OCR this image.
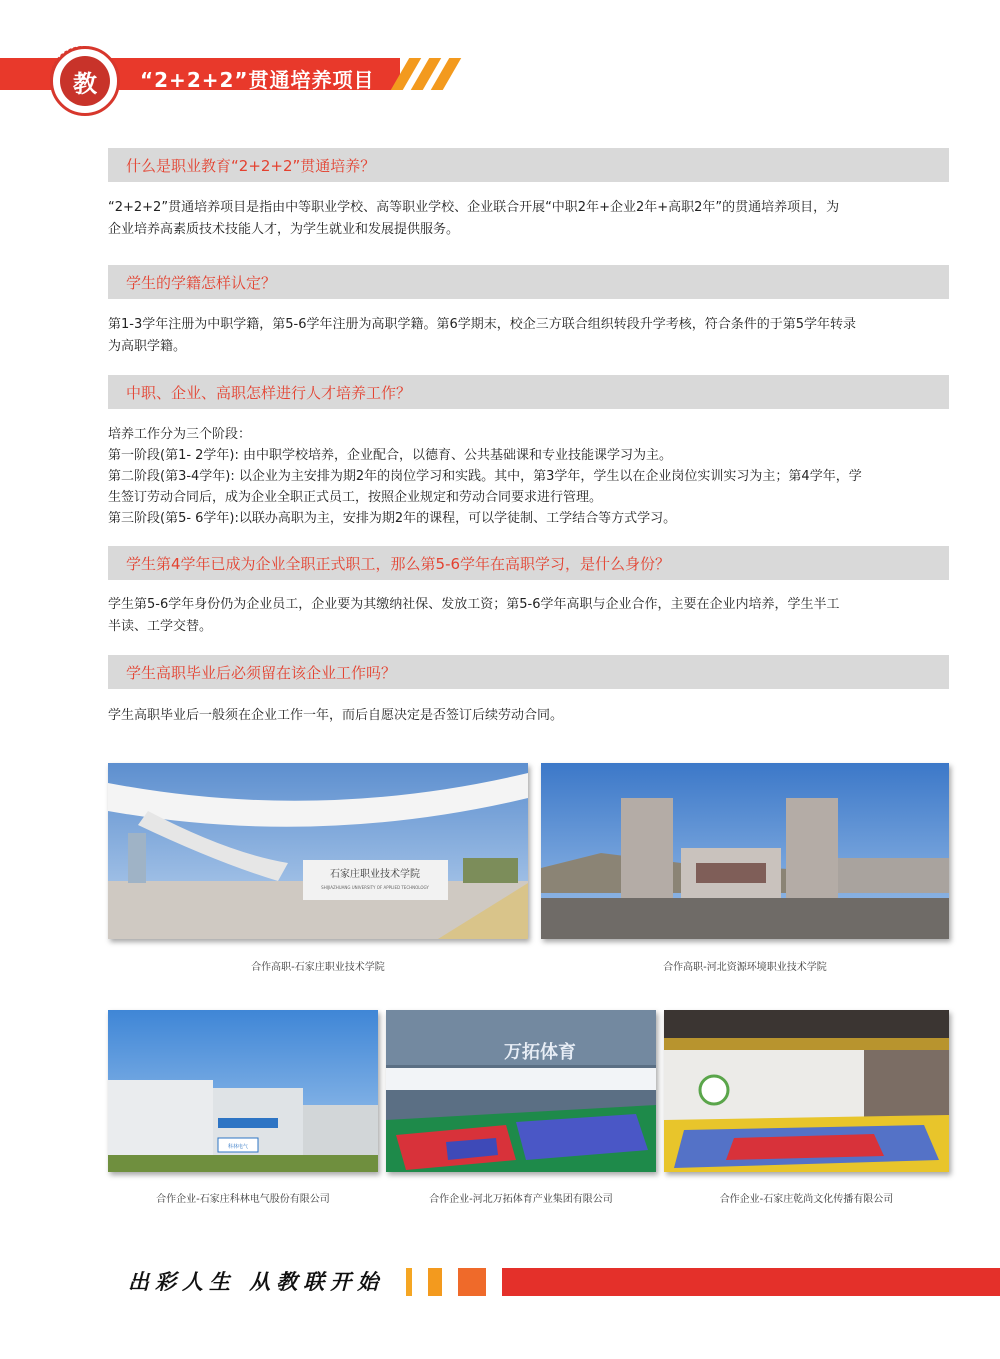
教	“2+2+2”贯通培养项目
什么是职业教育“2+2+2”贯通培养？
“2+2+2”贯通培养项目是指由中等职业学校、高等职业学校、企业联合开展“中职2年+企业2年+高职2年”的贯通培养项目，为
企业培养高素质技术技能人才，为学生就业和发展提供服务。
学生的学籍怎样认定？
第1-3学年注册为中职学籍，第5-6学年注册为高职学籍。第6学期末，校企三方联合组织转段升学考核，符合条件的于第5学年转录
为高职学籍。
中职、企业、高职怎样进行人才培养工作？
培养工作分为三个阶段：
第一阶段(第1- 2学年): 由中职学校培养，企业配合，以德育、公共基础课和专业技能课学习为主。
第二阶段(第3-4学年): 以企业为主安排为期2年的岗位学习和实践。其中，第3学年，学生以在企业岗位实训实习为主；第4学年，学
生签订劳动合同后，成为企业全职正式员工，按照企业规定和劳动合同要求进行管理。
第三阶段(第5- 6学年):以联办高职为主，安排为期2年的课程，可以学徒制、工学结合等方式学习。
学生第4学年已成为企业全职正式职工，那么第5-6学年在高职学习，是什么身份？
学生第5-6学年身份仍为企业员工，企业要为其缴纳社保、发放工资；第5-6学年高职与企业合作，主要在企业内培养，学生半工
半读、工学交替。
学生高职毕业后必须留在该企业工作吗？
学生高职毕业后一般须在企业工作一年，而后自愿决定是否签订后续劳动合同。
石家庄职业技术学院
SHIJIAZHUANG UNIVERSITY OF APPLIED TECHNOLOGY
合作高职-石家庄职业技术学院	合作高职-河北资源环境职业技术学院
科林电气
合作企业-石家庄科林电气股份有限公司
万拓体育
合作企业-河北万拓体育产业集团有限公司	合作企业-石家庄乾尚文化传播有限公司
出彩人生 从教联开始
